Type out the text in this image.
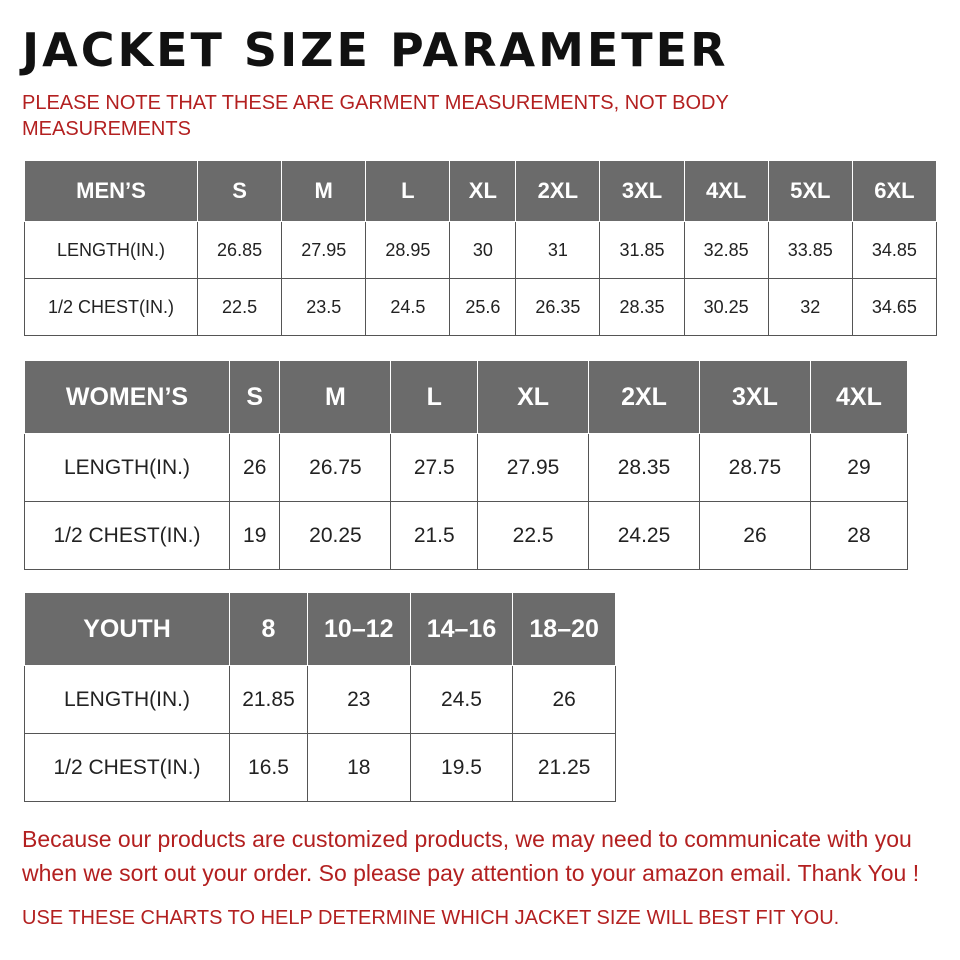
JACKET SIZE PARAMETER
PLEASE NOTE THAT THESE ARE GARMENT MEASUREMENTS, NOT BODY MEASUREMENTS
MEN’S	S	M	L	XL	2XL	3XL	4XL	5XL	6XL
LENGTH(IN.)	26.85	27.95	28.95	30	31	31.85	32.85	33.85	34.85
1/2 CHEST(IN.)	22.5	23.5	24.5	25.6	26.35	28.35	30.25	32	34.65
WOMEN’S	S	M	L	XL	2XL	3XL	4XL
LENGTH(IN.)	26	26.75	27.5	27.95	28.35	28.75	29
1/2 CHEST(IN.)	19	20.25	21.5	22.5	24.25	26	28
YOUTH	8	10–12	14–16	18–20
LENGTH(IN.)	21.85	23	24.5	26
1/2 CHEST(IN.)	16.5	18	19.5	21.25
Because our products are customized products, we may need to communicate with you when we sort out your order. So please pay attention to your amazon email. Thank You !
USE THESE CHARTS TO HELP DETERMINE WHICH JACKET SIZE WILL BEST FIT YOU.
